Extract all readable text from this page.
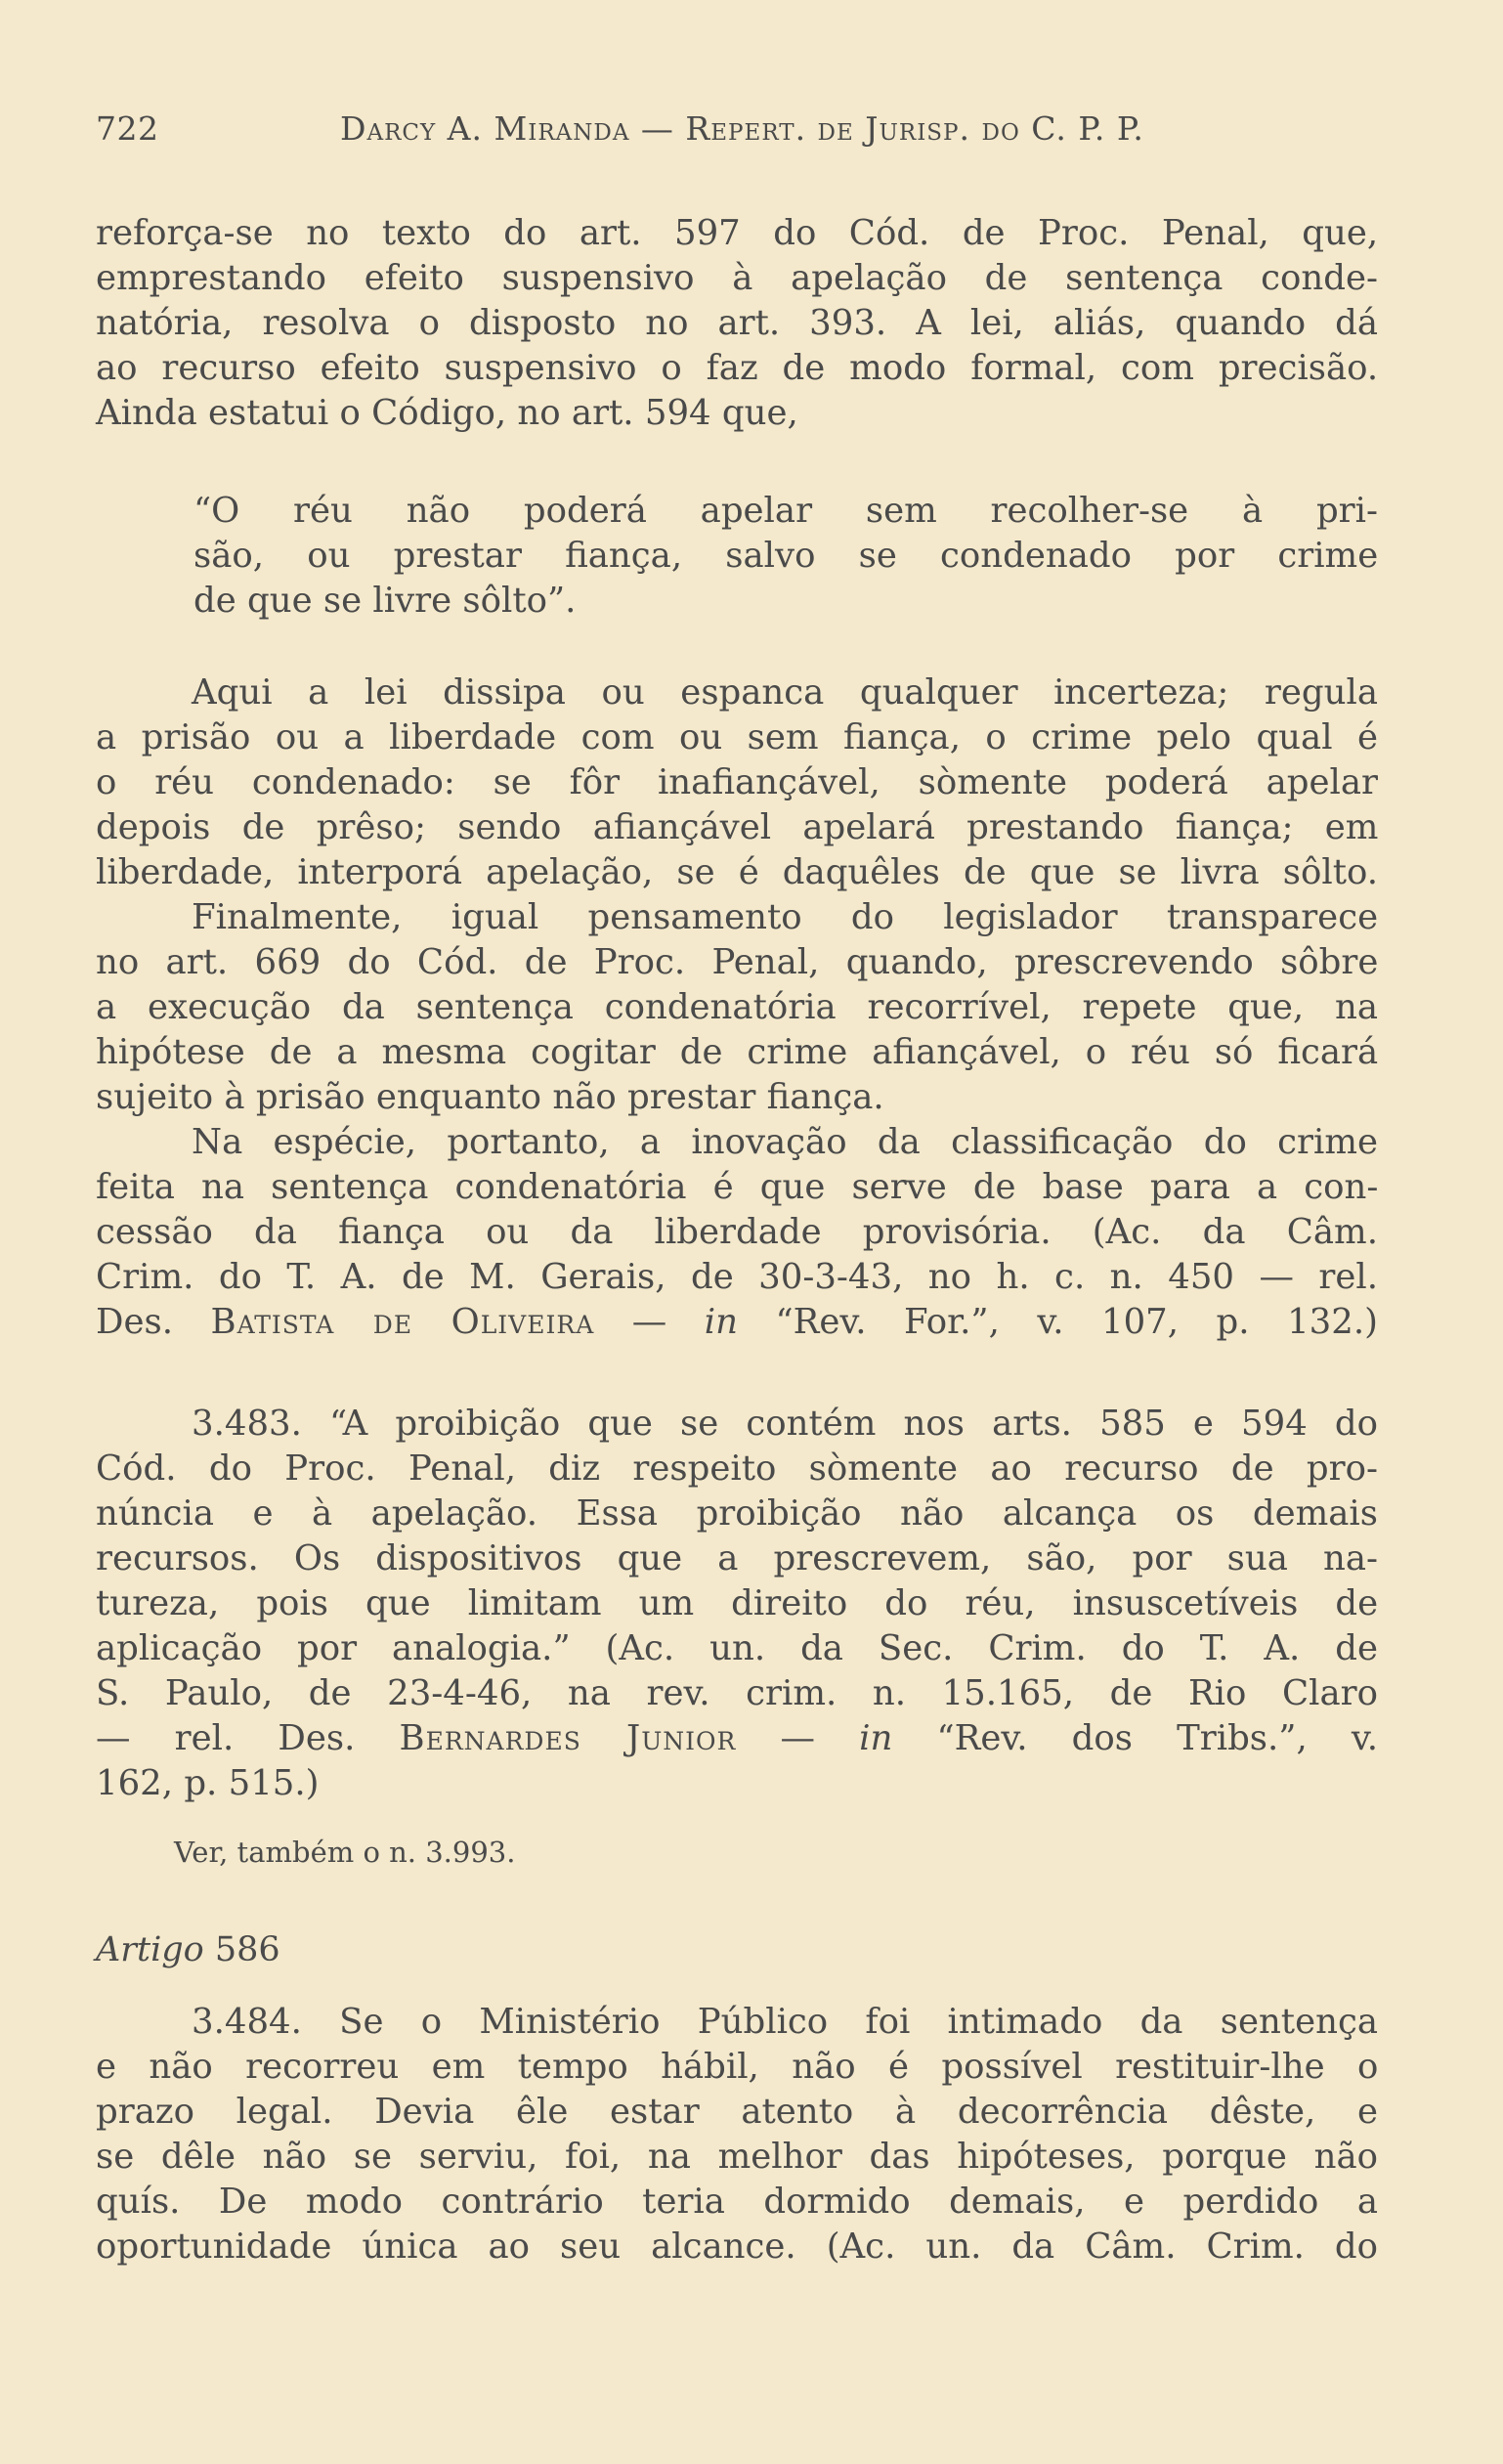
722	Darcy A. Miranda — Repert. de Jurisp. do C. P. P.
reforça-se no texto do art. 597 do Cód. de Proc. Penal, que,
emprestando efeito suspensivo à apelação de sentença conde-
natória, resolva o disposto no art. 393. A lei, aliás, quando dá
ao recurso efeito suspensivo o faz de modo formal, com precisão.
Ainda estatui o Código, no art. 594 que,
“O réu não poderá apelar sem recolher-se à pri-
são, ou prestar fiança, salvo se condenado por crime
de que se livre sôlto”.
Aqui a lei dissipa ou espanca qualquer incerteza; regula
a prisão ou a liberdade com ou sem fiança, o crime pelo qual é
o réu condenado: se fôr inafiançável, sòmente poderá apelar
depois de prêso; sendo afiançável apelará prestando fiança; em
liberdade, interporá apelação, se é daquêles de que se livra sôlto.
Finalmente, igual pensamento do legislador transparece
no art. 669 do Cód. de Proc. Penal, quando, prescrevendo sôbre
a execução da sentença condenatória recorrível, repete que, na
hipótese de a mesma cogitar de crime afiançável, o réu só ficará
sujeito à prisão enquanto não prestar fiança.
Na espécie, portanto, a inovação da classificação do crime
feita na sentença condenatória é que serve de base para a con-
cessão da fiança ou da liberdade provisória. (Ac. da Câm.
Crim. do T. A. de M. Gerais, de 30-3-43, no h. c. n. 450 — rel.
Des. Batista de Oliveira — in “Rev. For.”, v. 107, p. 132.)
3.483. “A proibição que se contém nos arts. 585 e 594 do
Cód. do Proc. Penal, diz respeito sòmente ao recurso de pro-
núncia e à apelação. Essa proibição não alcança os demais
recursos. Os dispositivos que a prescrevem, são, por sua na-
tureza, pois que limitam um direito do réu, insuscetíveis de
aplicação por analogia.” (Ac. un. da Sec. Crim. do T. A. de
S. Paulo, de 23-4-46, na rev. crim. n. 15.165, de Rio Claro
— rel. Des. Bernardes Junior — in “Rev. dos Tribs.”, v.
162, p. 515.)
Ver, também o n. 3.993.
Artigo 586
3.484. Se o Ministério Público foi intimado da sentença
e não recorreu em tempo hábil, não é possível restituir-lhe o
prazo legal. Devia êle estar atento à decorrência dêste, e
se dêle não se serviu, foi, na melhor das hipóteses, porque não
quís. De modo contrário teria dormido demais, e perdido a
oportunidade única ao seu alcance. (Ac. un. da Câm. Crim. do
